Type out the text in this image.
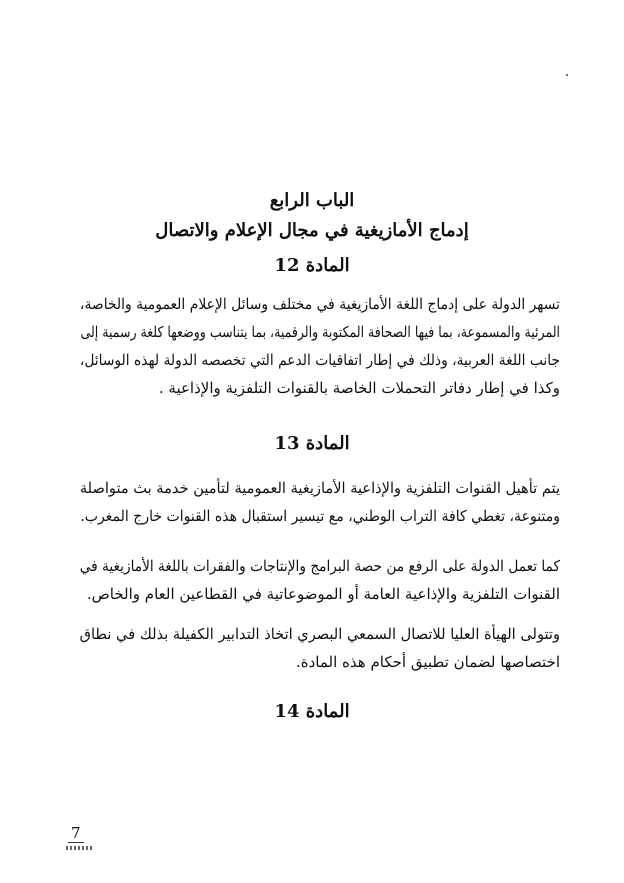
الباب الرابع
إدماج الأمازيغية في مجال الإعلام والاتصال
المادة 12
تسهر الدولة على إدماج اللغة الأمازيغية في مختلف وسائل الإعلام العمومية والخاصة،
المرئية والمسموعة، بما فيها الصحافة المكتوبة والرقمية، بما يتناسب ووضعها كلغة رسمية إلى
جانب اللغة العربية، وذلك في إطار اتفاقيات الدعم التي تخصصه الدولة لهذه الوسائل،
وكذا في إطار دفاتر التحملات الخاصة بالقنوات التلفزية والإذاعية .
المادة 13
يتم تأهيل القنوات التلفزية والإذاعية الأمازيغية العمومية لتأمين خدمة بث متواصلة
ومتنوعة، تغطي كافة التراب الوطني، مع تيسير استقبال هذه القنوات خارج المغرب.
كما تعمل الدولة على الرفع من حصة البرامج والإنتاجات والفقرات باللغة الأمازيغية في
القنوات التلفزية والإذاعية العامة أو الموضوعاتية في القطاعين العام والخاص.
وتتولى الهيأة العليا للاتصال السمعي البصري اتخاذ التدابير الكفيلة بذلك في نطاق
اختصاصها لضمان تطبيق أحكام هذه المادة.
المادة 14
7
